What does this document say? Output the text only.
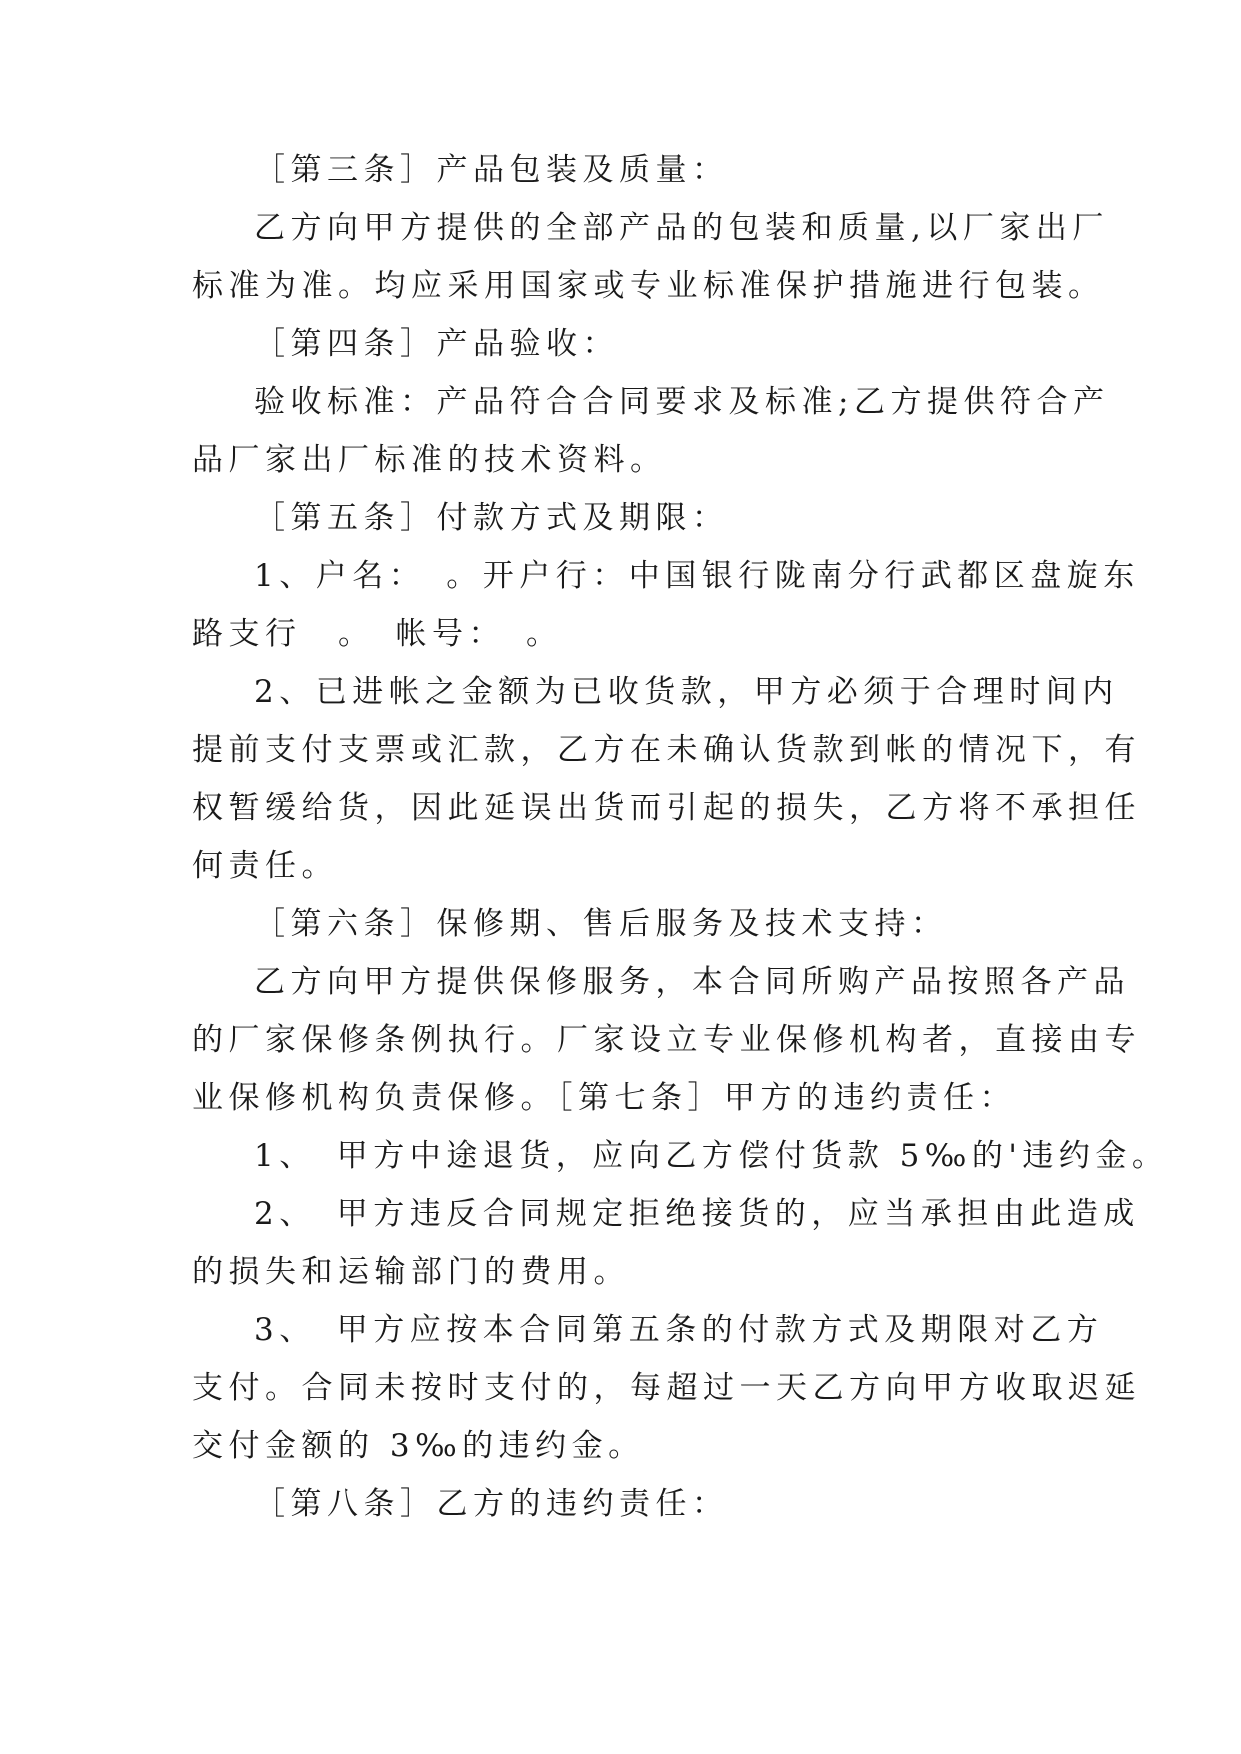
［第三条］产品包装及质量：
乙方向甲方提供的全部产品的包装和质量,以厂家出厂
标准为准。均应采用国家或专业标准保护措施进行包装。
［第四条］产品验收：
验收标准：产品符合合同要求及标准;乙方提供符合产
品厂家出厂标准的技术资料。
［第五条］付款方式及期限：
1、户名：　。开户行：中国银行陇南分行武都区盘旋东
路支行　。　帐号：　。
2、已进帐之金额为已收货款，甲方必须于合理时间内
提前支付支票或汇款，乙方在未确认货款到帐的情况下，有
权暂缓给货，因此延误出货而引起的损失，乙方将不承担任
何责任。
［第六条］保修期、售后服务及技术支持：
乙方向甲方提供保修服务，本合同所购产品按照各产品
的厂家保修条例执行。厂家设立专业保修机构者，直接由专
业保修机构负责保修。［第七条］甲方的违约责任：
1、　甲方中途退货，应向乙方偿付货款 5‰的'违约金。
2、　甲方违反合同规定拒绝接货的，应当承担由此造成
的损失和运输部门的费用。
3、　甲方应按本合同第五条的付款方式及期限对乙方
支付。合同未按时支付的，每超过一天乙方向甲方收取迟延
交付金额的 3‰的违约金。
［第八条］乙方的违约责任：
